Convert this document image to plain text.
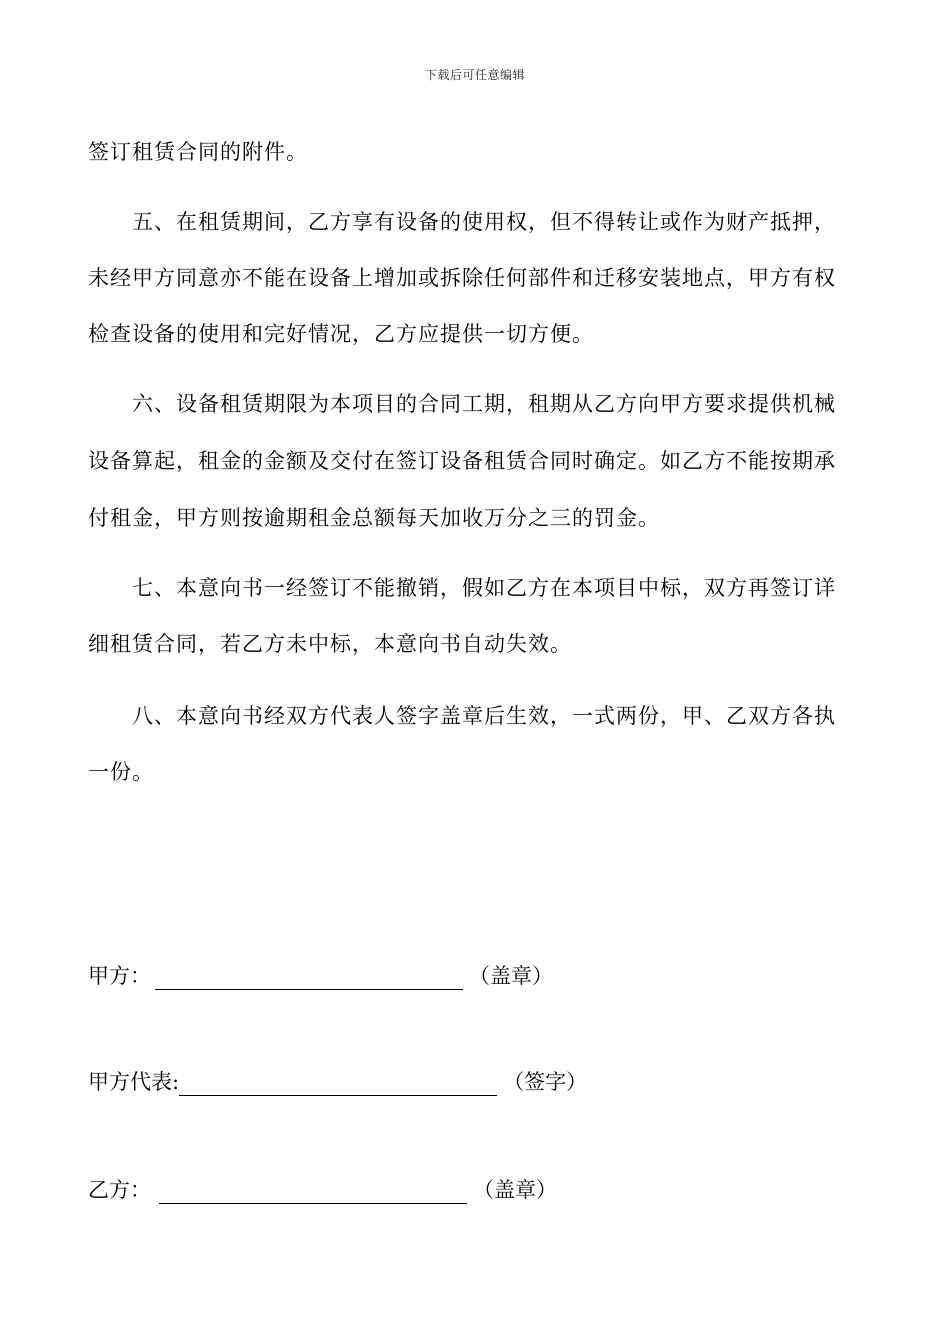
下载后可任意编辑
签订租赁合同的附件。
五、在租赁期间，乙方享有设备的使用权，但不得转让或作为财产抵押，
未经甲方同意亦不能在设备上增加或拆除任何部件和迁移安装地点，甲方有权
检查设备的使用和完好情况，乙方应提供一切方便。
六、设备租赁期限为本项目的合同工期，租期从乙方向甲方要求提供机械
设备算起，租金的金额及交付在签订设备租赁合同时确定。如乙方不能按期承
付租金，甲方则按逾期租金总额每天加收万分之三的罚金。
七、本意向书一经签订不能撤销，假如乙方在本项目中标，双方再签订详
细租赁合同，若乙方未中标，本意向书自动失效。
八、本意向书经双方代表人签字盖章后生效，一式两份，甲、乙双方各执
一份。
甲方：	（盖章）
甲方代表:	（签字）
乙方：	（盖章）
